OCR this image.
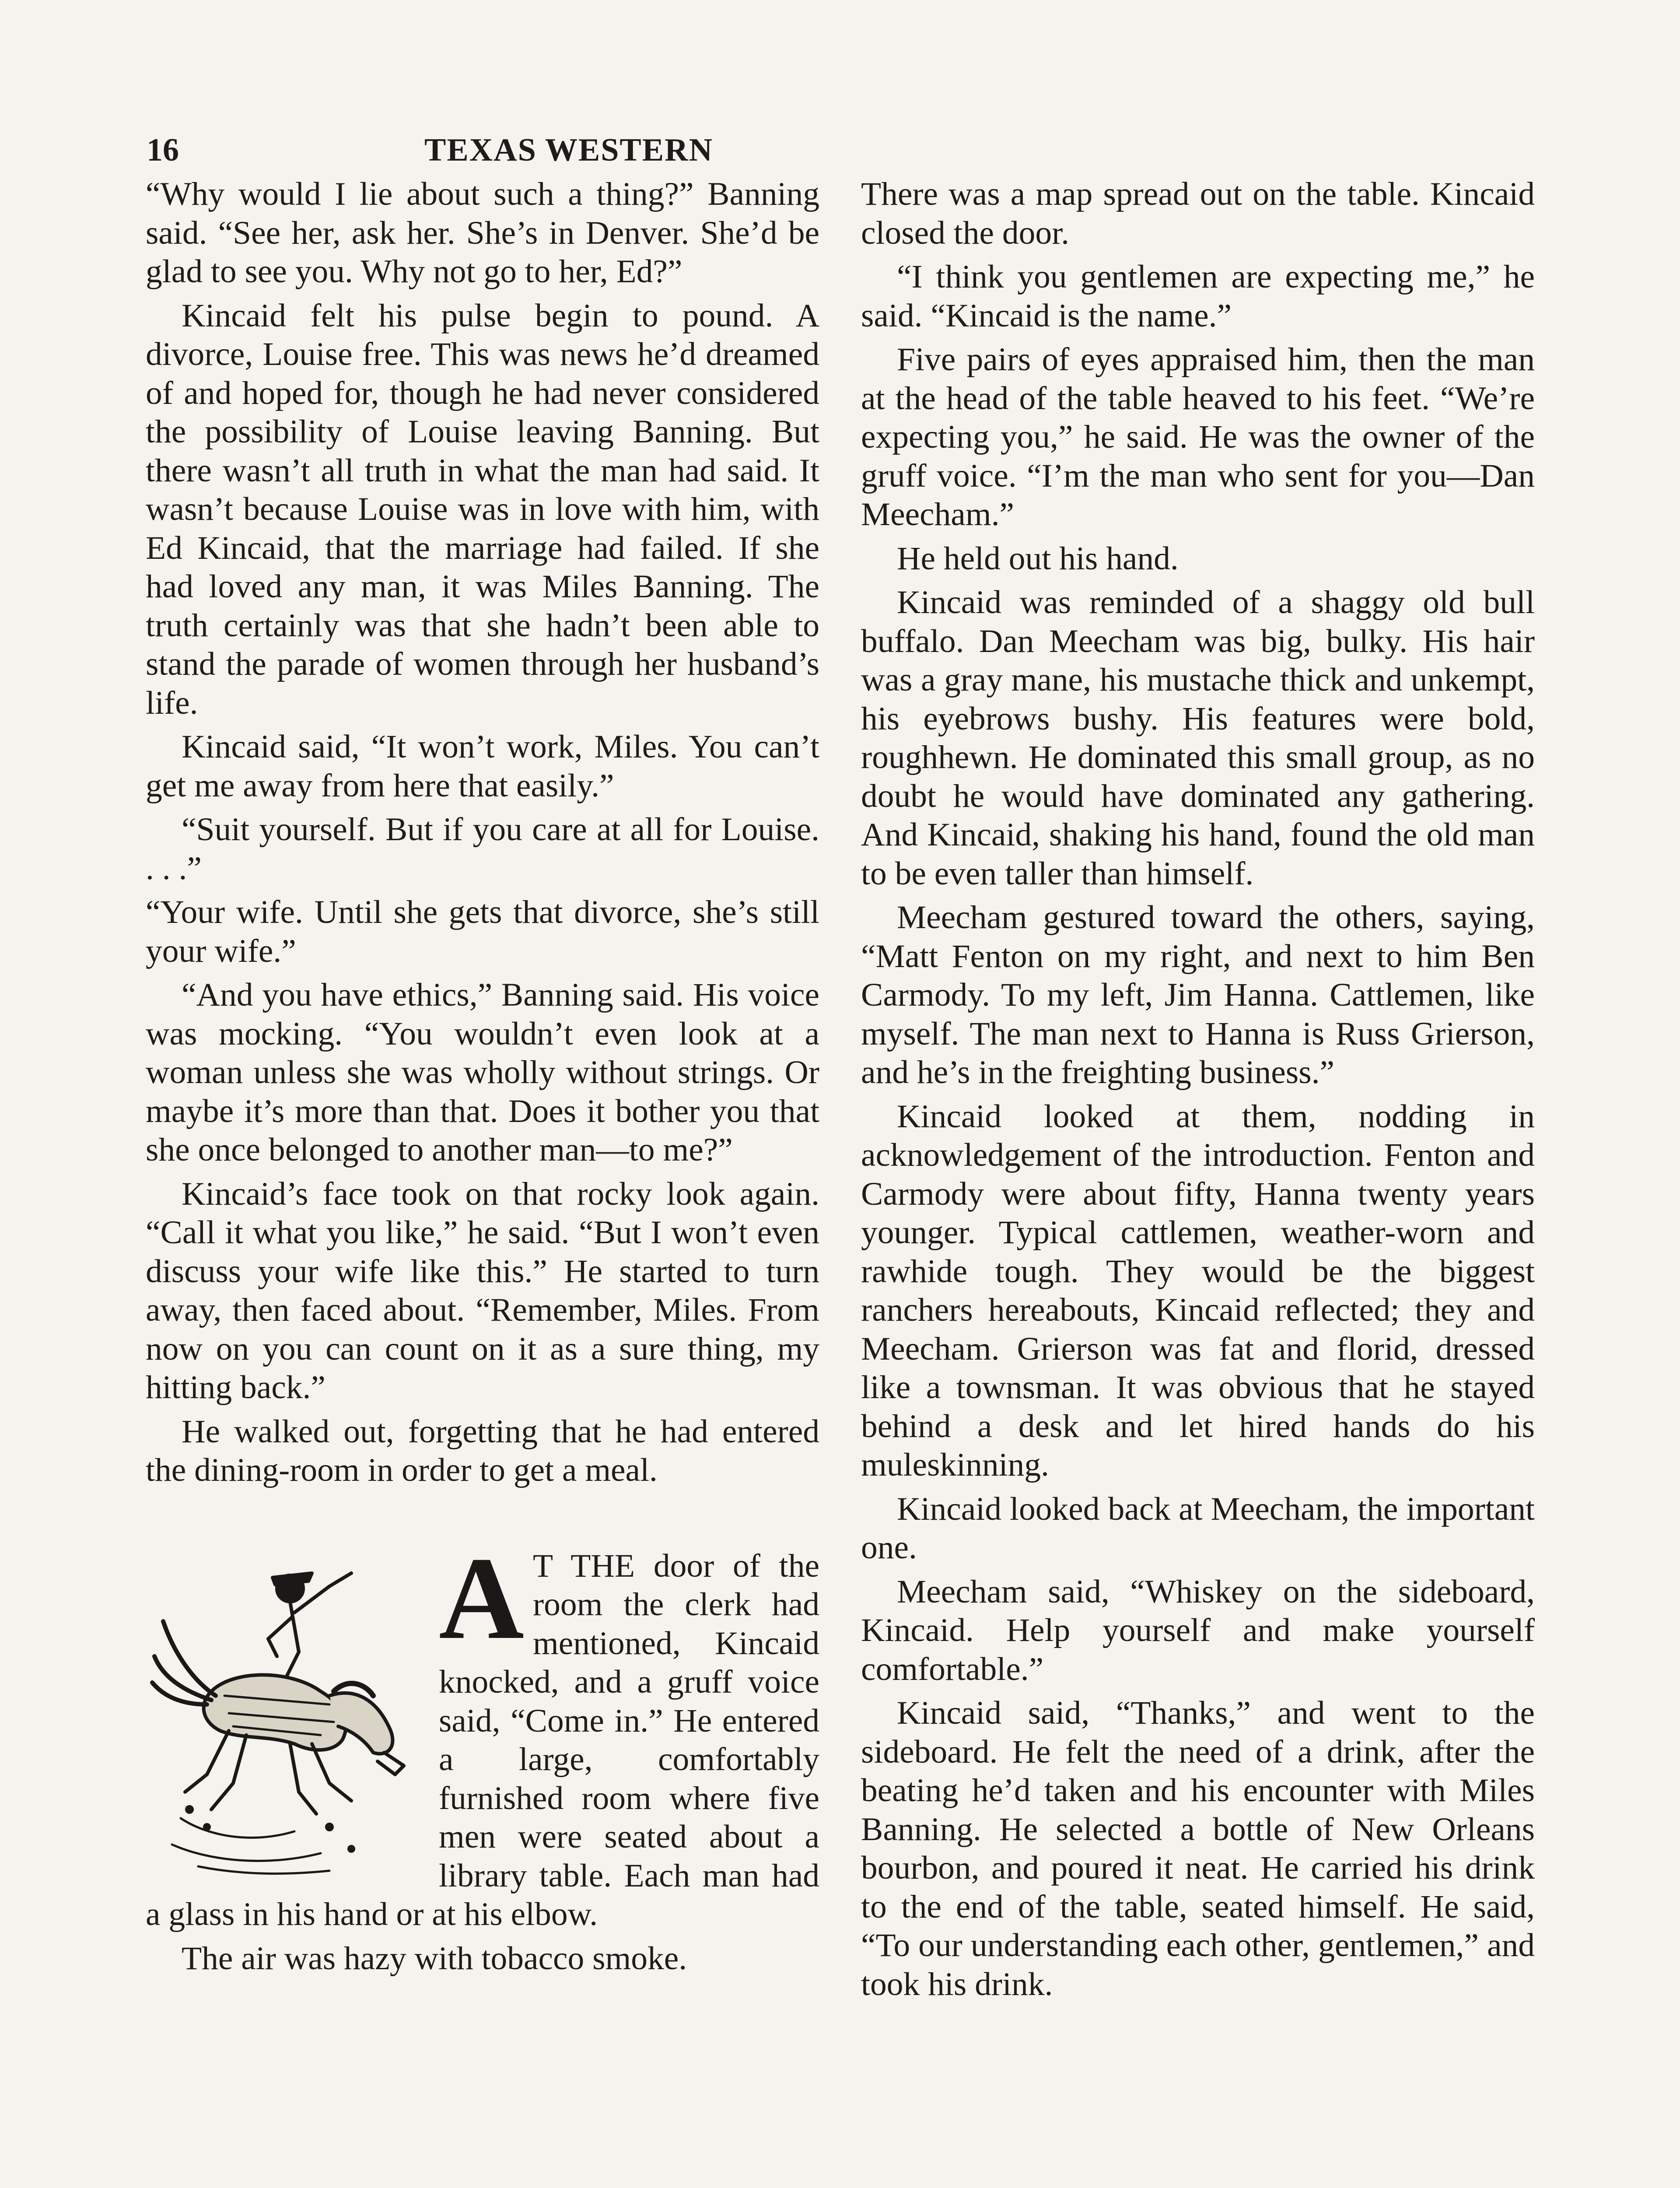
16	TEXAS WESTERN

“Why would I lie about such a thing?” Banning said. “See her, ask her. She’s in Denver. She’d be glad to see you. Why not go to her, Ed?”

Kincaid felt his pulse begin to pound. A divorce, Louise free. This was news he’d dreamed of and hoped for, though he had never considered the possibility of Louise leaving Banning. But there wasn’t all truth in what the man had said. It wasn’t because Louise was in love with him, with Ed Kincaid, that the marriage had failed. If she had loved any man, it was Miles Banning. The truth certainly was that she hadn’t been able to stand the parade of women through her husband’s life.

Kincaid said, “It won’t work, Miles. You can’t get me away from here that easily.”

“Suit yourself. But if you care at all for Louise. . . .”

“Your wife. Until she gets that divorce, she’s still your wife.”

“And you have ethics,” Banning said. His voice was mocking. “You wouldn’t even look at a woman unless she was wholly without strings. Or maybe it’s more than that. Does it bother you that she once belonged to another man—to me?”

Kincaid’s face took on that rocky look again. “Call it what you like,” he said. “But I won’t even discuss your wife like this.” He started to turn away, then faced about. “Remember, Miles. From now on you can count on it as a sure thing, my hitting back.”

He walked out, forgetting that he had entered the dining-room in order to get a meal.

A T THE door of the room the clerk had mentioned, Kincaid knocked, and a gruff voice said, “Come in.” He entered a large, comfortably furnished room where five men were seated about a library table. Each man had a glass in his hand or at his elbow.

The air was hazy with tobacco smoke.

There was a map spread out on the table. Kincaid closed the door.

“I think you gentlemen are expecting me,” he said. “Kincaid is the name.”

Five pairs of eyes appraised him, then the man at the head of the table heaved to his feet. “We’re expecting you,” he said. He was the owner of the gruff voice. “I’m the man who sent for you—Dan Meecham.”

He held out his hand.

Kincaid was reminded of a shaggy old bull buffalo. Dan Meecham was big, bulky. His hair was a gray mane, his mustache thick and unkempt, his eyebrows bushy. His features were bold, roughhewn. He dominated this small group, as no doubt he would have dominated any gathering. And Kincaid, shaking his hand, found the old man to be even taller than himself.

Meecham gestured toward the others, saying, “Matt Fenton on my right, and next to him Ben Carmody. To my left, Jim Hanna. Cattlemen, like myself. The man next to Hanna is Russ Grierson, and he’s in the freighting business.”

Kincaid looked at them, nodding in acknowledgement of the introduction. Fenton and Carmody were about fifty, Hanna twenty years younger. Typical cattlemen, weather-worn and rawhide tough. They would be the biggest ranchers hereabouts, Kincaid reflected; they and Meecham. Grierson was fat and florid, dressed like a townsman. It was obvious that he stayed behind a desk and let hired hands do his muleskinning.

Kincaid looked back at Meecham, the important one.

Meecham said, “Whiskey on the sideboard, Kincaid. Help yourself and make yourself comfortable.”

Kincaid said, “Thanks,” and went to the sideboard. He felt the need of a drink, after the beating he’d taken and his encounter with Miles Banning. He selected a bottle of New Orleans bourbon, and poured it neat. He carried his drink to the end of the table, seated himself. He said, “To our understanding each other, gentlemen,” and took his drink.
